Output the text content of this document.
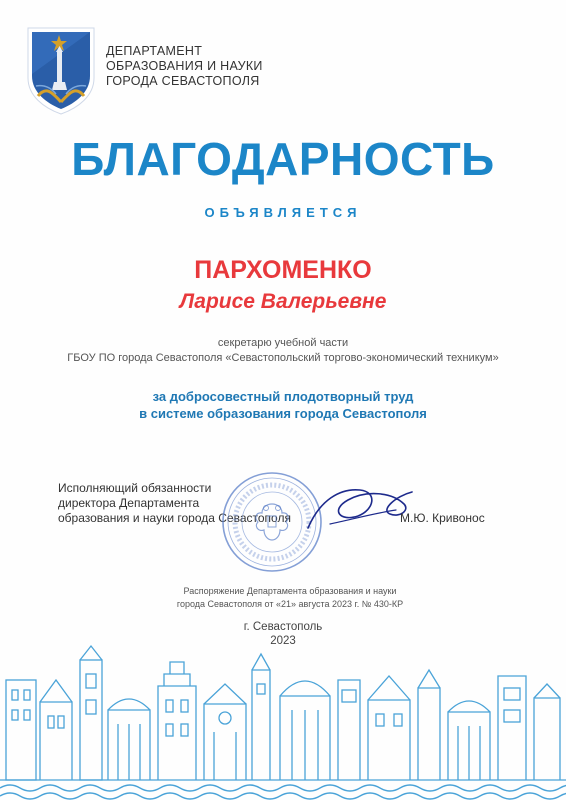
ДЕПАРТАМЕНТ
ОБРАЗОВАНИЯ И НАУКИ
ГОРОДА СЕВАСТОПОЛЯ
БЛАГОДАРНОСТЬ
ОБЪЯВЛЯЕТСЯ
ПАРХОМЕНКО
Ларисе Валерьевне
секретарю учебной части
ГБОУ ПО города Севастополя «Севастопольский торгово-экономический техникум»
за добросовестный плодотворный труд
в системе образования города Севастополя
Исполняющий обязанности
директора Департамента
образования и науки города Севастополя	М.Ю. Кривонос
Распоряжение Департамента образования и науки
города Севастополя от «21» августа 2023 г. № 430-КР
г. Севастополь
2023
